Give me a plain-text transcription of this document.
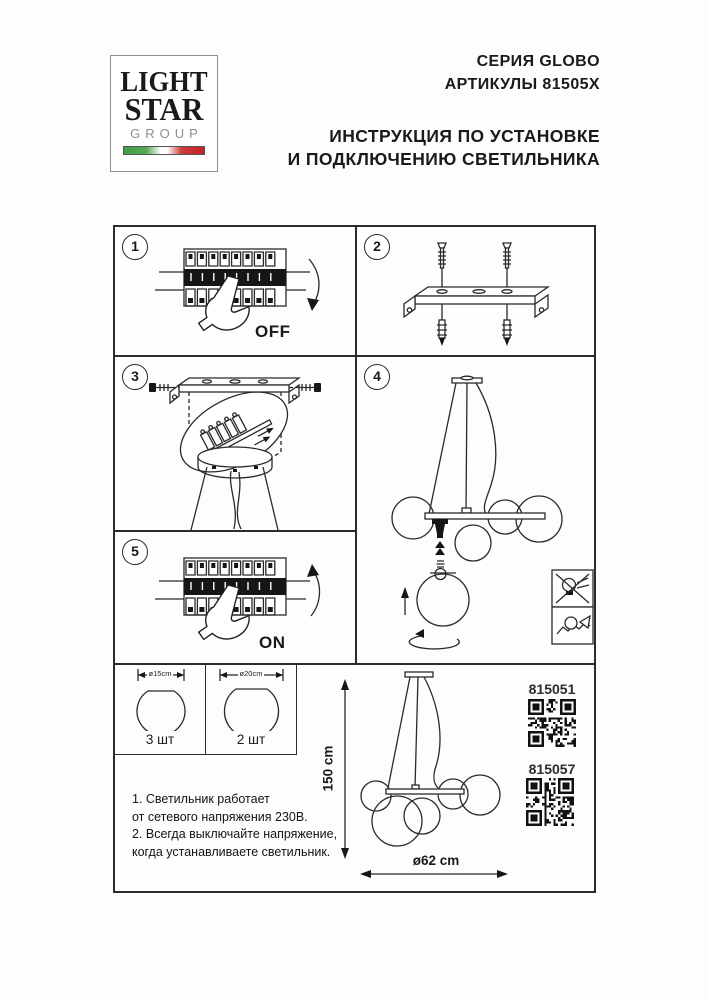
LIGHT
STAR
GROUP
СЕРИЯ GLOBO
АРТИКУЛЫ 81505X
ИНСТРУКЦИЯ ПО УСТАНОВКЕ
И ПОДКЛЮЧЕНИЮ СВЕТИЛЬНИКА
1
OFF
2
3	4
5
ON
ø15cm
3 шт
ø20cm
2 шт
1. Светильник работает
от сетевого напряжения 230В.
2. Всегда выключайте напряжение,
когда устанавливаете светильник.
150 cm
ø62 cm
815051
815057
